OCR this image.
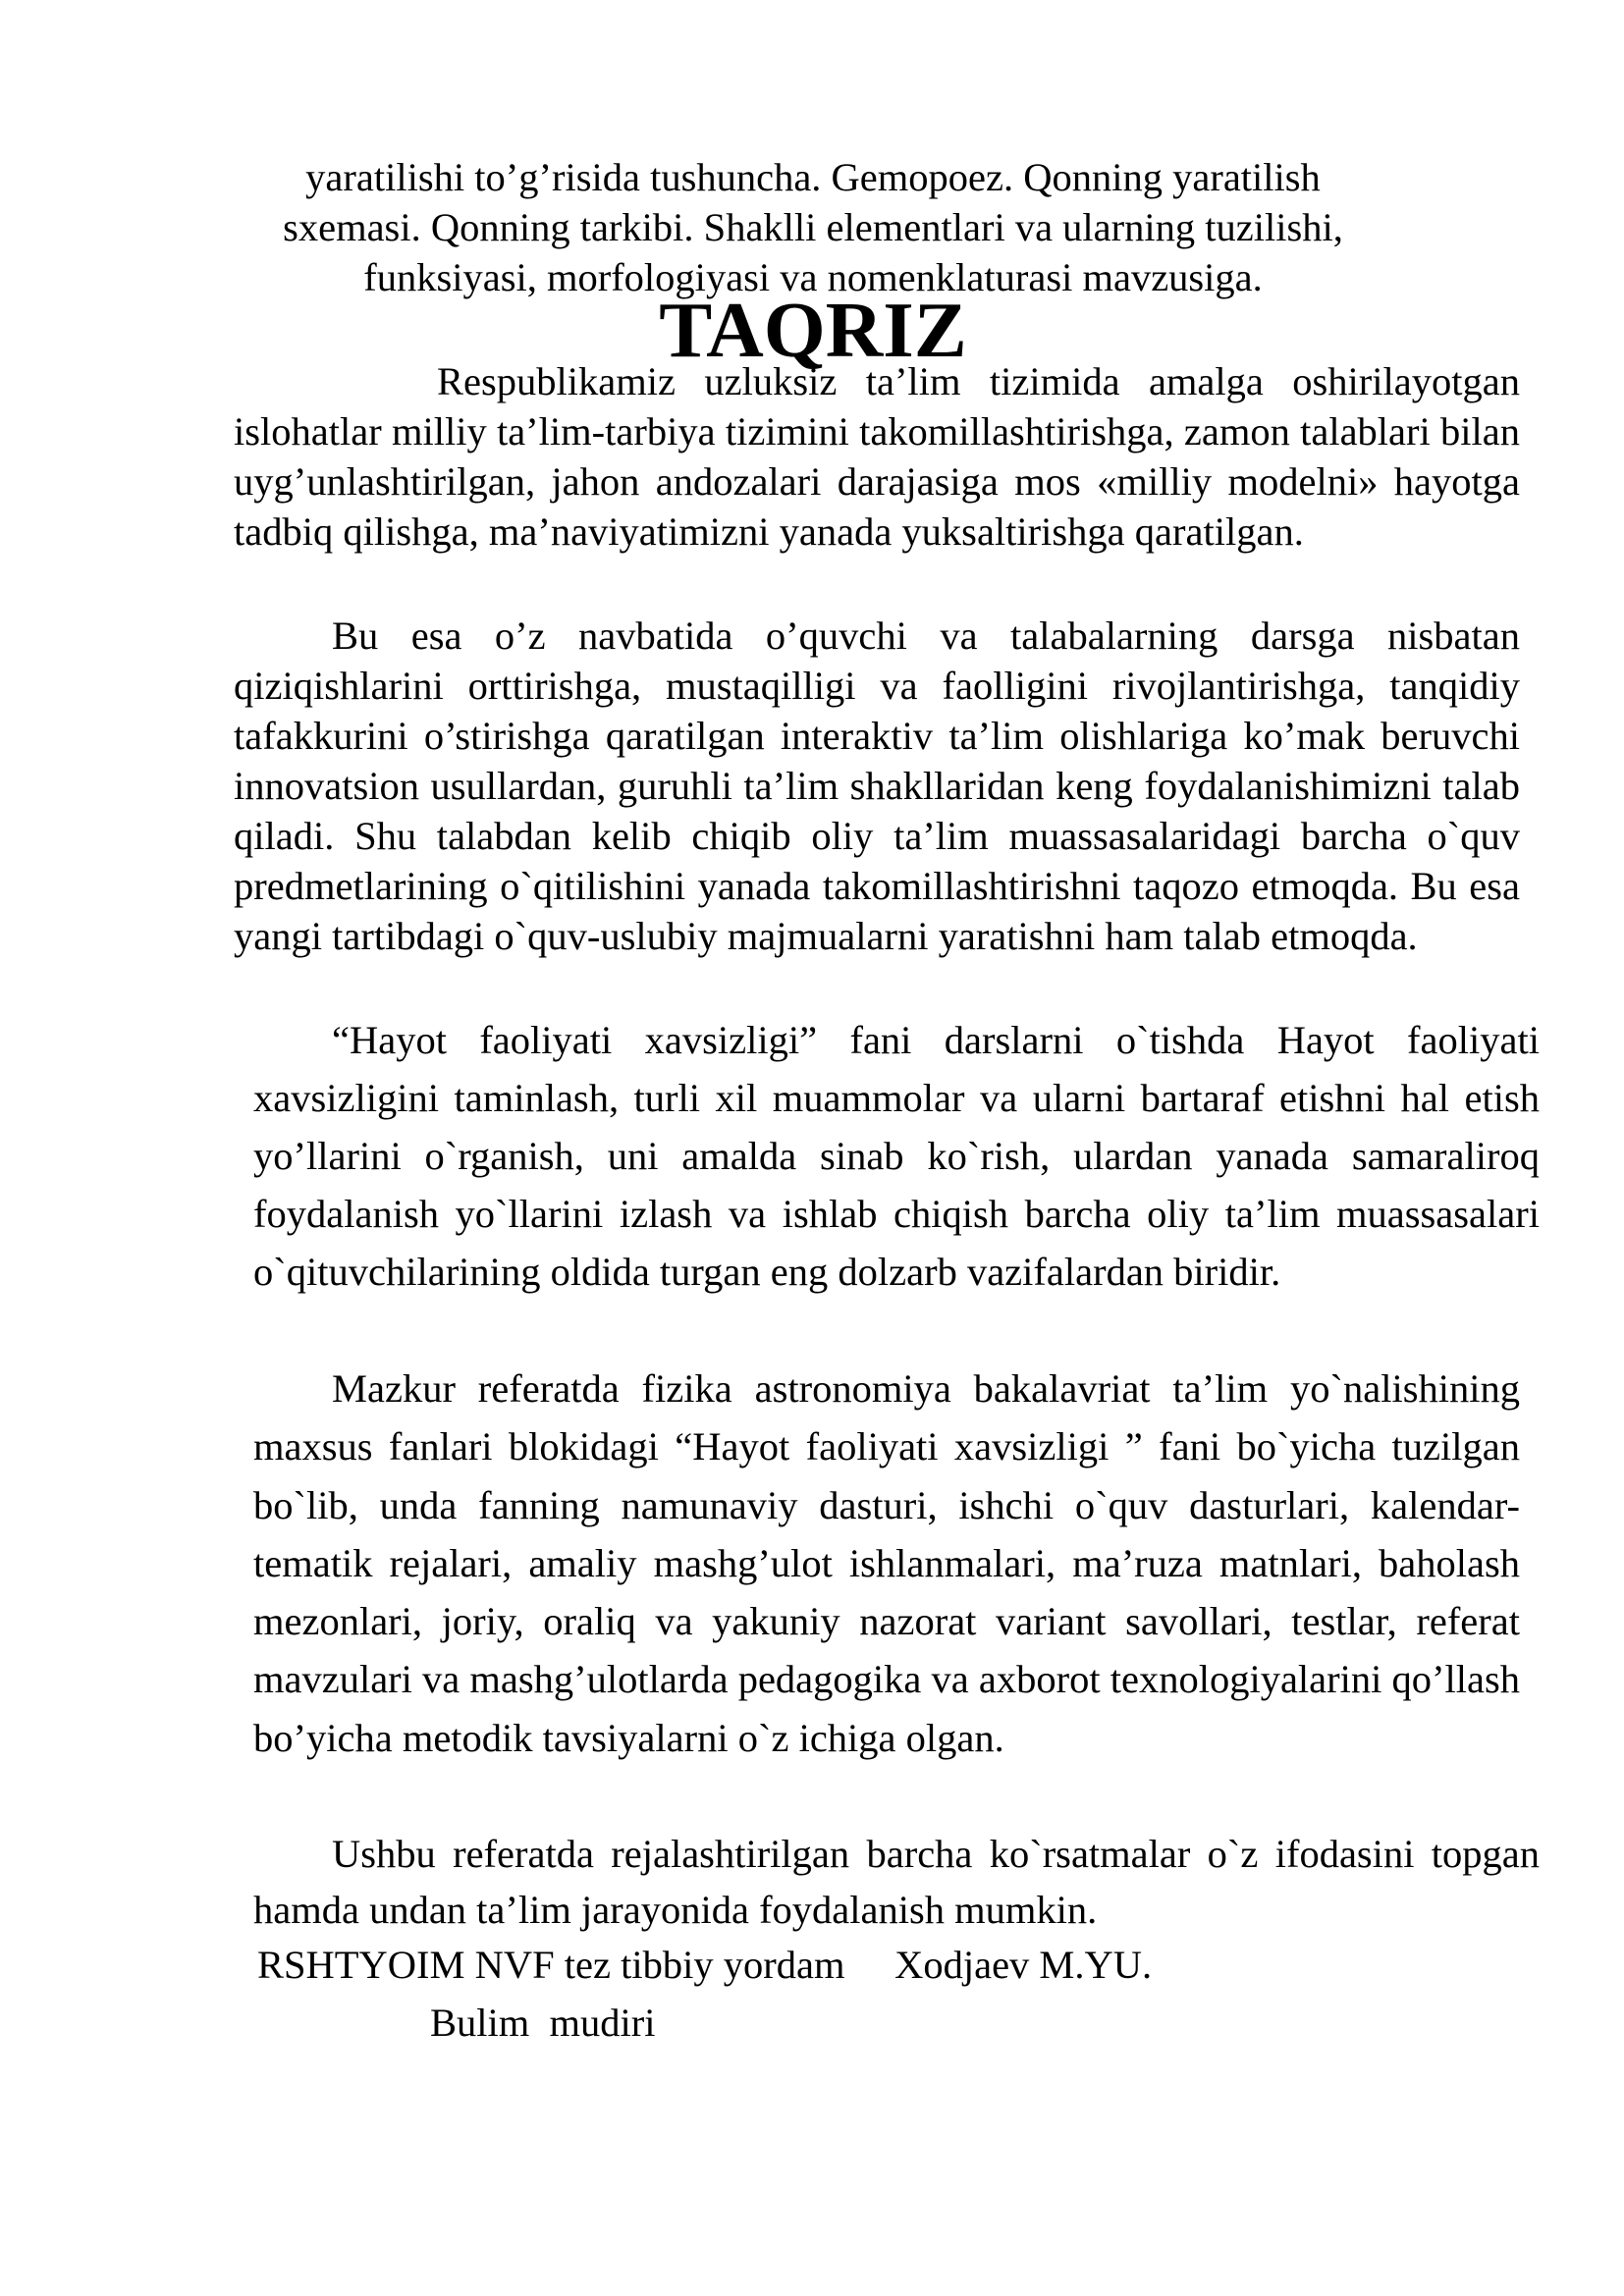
yaratilishi to’g’risida tushuncha. Gemopoez. Qonning yaratilish

sxemasi. Qonning tarkibi. Shaklli elementlari va ularning tuzilishi,

funksiyasi, morfologiyasi va nomenklaturasi mavzusiga.

TAQRIZ

Respublikamiz uzluksiz ta’lim tizimida amalga oshirilayotgan islohatlar milliy ta’lim-tarbiya tizimini takomillashtirishga, zamon talablari bilan uyg’unlashtirilgan, jahon andozalari darajasiga mos «milliy modelni» hayotga tadbiq qilishga, ma’naviyatimizni yanada yuksaltirishga qaratilgan.

Bu esa o’z navbatida o’quvchi va talabalarning darsga nisbatan qiziqishlarini orttirishga, mustaqilligi va faolligini rivojlantirishga, tanqidiy tafakkurini o’stirishga qaratilgan interaktiv ta’lim olishlariga ko’mak beruvchi innovatsion usullardan, guruhli ta’lim shakllaridan keng foydalanishimizni talab qiladi. Shu talabdan kelib chiqib oliy ta’lim muassasalaridagi barcha o`quv predmetlarining o`qitilishini yanada takomillashtirishni taqozo etmoqda. Bu esa yangi tartibdagi o`quv-uslubiy majmualarni yaratishni ham talab etmoqda.

“Hayot faoliyati xavsizligi” fani darslarni o`tishda Hayot faoliyati xavsizligini taminlash, turli xil muammolar va ularni bartaraf etishni hal etish yo’llarini o`rganish, uni amalda sinab ko`rish, ulardan yanada samaraliroq foydalanish yo`llarini izlash va ishlab chiqish barcha oliy ta’lim muassasalari o`qituvchilarining oldida turgan eng dolzarb vazifalardan biridir.

Mazkur referatda fizika astronomiya bakalavriat ta’lim yo`nalishining maxsus fanlari blokidagi “Hayot faoliyati xavsizligi ” fani bo`yicha tuzilgan bo`lib, unda fanning namunaviy dasturi, ishchi o`quv dasturlari, kalendar-tematik rejalari, amaliy mashg’ulot ishlanmalari, ma’ruza matnlari, baholash mezonlari, joriy, oraliq va yakuniy nazorat variant savollari, testlar, referat mavzulari va mashg’ulotlarda pedagogika va axborot texnologiyalarini qo’llash bo’yicha metodik tavsiyalarni o`z ichiga olgan.

Ushbu referatda rejalashtirilgan barcha ko`rsatmalar o`z ifodasini topgan hamda undan ta’lim jarayonida foydalanish mumkin.

RSHTYOIM NVF tez tibbiy yordam     Xodjaev M.YU.

Bulim  mudiri
